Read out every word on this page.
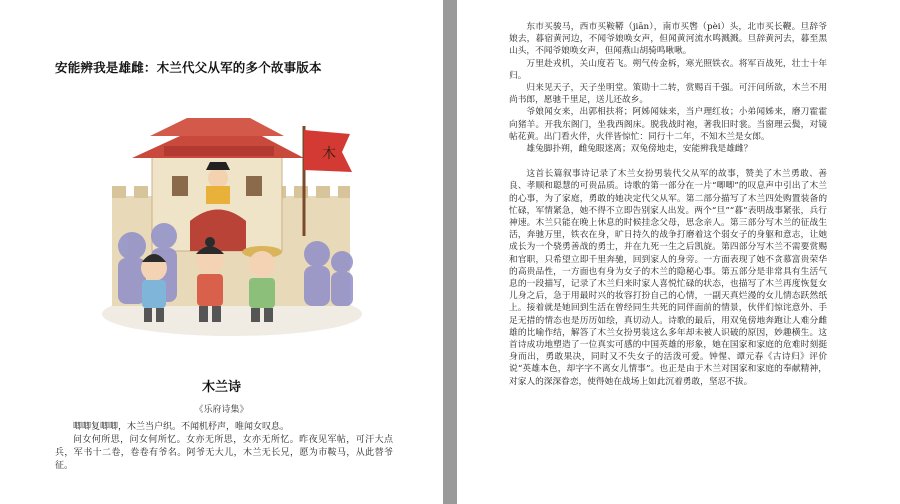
安能辨我是雄雌：木兰代父从军的多个故事版本
木
木兰诗
《乐府诗集》

唧唧复唧唧，木兰当户织。不闻机杼声，唯闻女叹息。

问女何所思，问女何所忆。女亦无所思，女亦无所忆。昨夜见军帖，可汗大点兵，军书十二卷，卷卷有爷名。阿爷无大儿，木兰无长兄，愿为市鞍马，从此替爷征。

东市买骏马，西市买鞍鞯（jiān），南市买辔（pèi）头，北市买长鞭。旦辞爷娘去，暮宿黄河边，不闻爷娘唤女声，但闻黄河流水鸣溅溅。旦辞黄河去，暮至黑山头，不闻爷娘唤女声，但闻燕山胡骑鸣啾啾。

万里赴戎机，关山度若飞。朔气传金柝，寒光照铁衣。将军百战死，壮士十年归。

归来见天子，天子坐明堂。策勋十二转，赏赐百千强。可汗问所欲，木兰不用尚书郎，愿驰千里足，送儿还故乡。

爷娘闻女来，出郭相扶将；阿姊闻妹来，当户理红妆；小弟闻姊来，磨刀霍霍向猪羊。开我东阁门，坐我西阁床。脱我战时袍，著我旧时裳。当窗理云鬓，对镜帖花黄。出门看火伴，火伴皆惊忙：同行十二年，不知木兰是女郎。

雄兔脚扑朔，雌兔眼迷离；双兔傍地走，安能辨我是雄雌？

这首长篇叙事诗记录了木兰女扮男装代父从军的故事，赞美了木兰勇敢、善良、孝顺和聪慧的可贵品质。诗歌的第一部分在一片“唧唧”的叹息声中引出了木兰的心事，为了家庭，勇敢的她决定代父从军。第二部分描写了木兰四处购置装备的忙碌，军情紧急，她不得不立即告别家人出发。两个“旦”“暮”表明战事紧张，兵行神速。木兰只能在晚上休息的时候挂念父母，思念亲人。第三部分写木兰的征战生活，奔驰万里，铁衣在身，旷日持久的战争打磨着这个弱女子的身躯和意志，让她成长为一个骁勇善战的勇士，并在九死一生之后凯旋。第四部分写木兰不需要赏赐和官职，只希望立即千里奔驰，回到家人的身旁。一方面表现了她不贪慕富贵荣华的高贵品性，一方面也有身为女子的木兰的隐秘心事。第五部分是非常具有生活气息的一段描写，记录了木兰归来时家人喜悦忙碌的状态，也描写了木兰再度恢复女儿身之后，急于用最时兴的妆容打扮自己的心情，一副天真烂漫的女儿情态跃然纸上。接着就是她回到生活在曾经同生共死的同伴面前的情景，伙伴们惊诧意外、手足无措的情态也是历历如绘，真切动人。诗歌的最后，用双兔傍地奔跑让人难分雌雄的比喻作结，解答了木兰女扮男装这么多年却未被人识破的原因，妙趣横生。这首诗成功地塑造了一位真实可感的中国英雄的形象，她在国家和家庭的危难时刻挺身而出，勇敢果决，同时又不失女子的活泼可爱。钟惺、谭元春《古诗归》评价说“英雄本色，却字字不离女儿情事”。也正是由于木兰对国家和家庭的奉献精神，对家人的深深眷恋，使得她在战场上如此沉着勇敢，坚忍不拔。
